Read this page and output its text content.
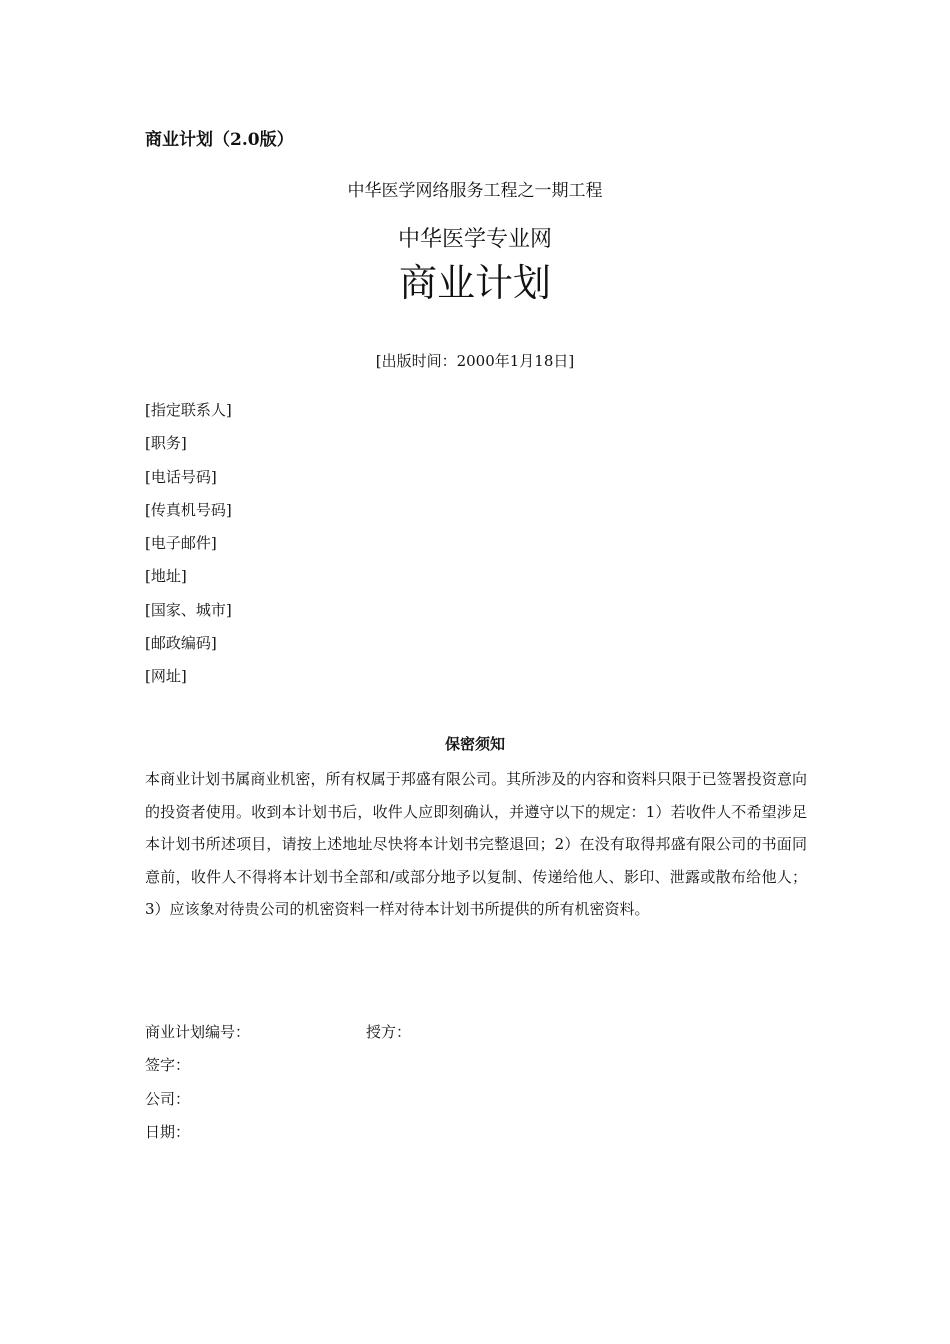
商业计划（2.0版）
中华医学网络服务工程之一期工程
中华医学专业网
商业计划
[出版时间：2000年1月18日]
[指定联系人]
[职务]
[电话号码]
[传真机号码]
[电子邮件]
[地址]
[国家、城市]
[邮政编码]
[网址]
保密须知

本商业计划书属商业机密，所有权属于邦盛有限公司。其所涉及的内容和资料只限于已签署投资意向的投资者使用。收到本计划书后，收件人应即刻确认，并遵守以下的规定：1）若收件人不希望涉足本计划书所述项目，请按上述地址尽快将本计划书完整退回；2）在没有取得邦盛有限公司的书面同意前，收件人不得将本计划书全部和/或部分地予以复制、传递给他人、影印、泄露或散布给他人；3）应该象对待贵公司的机密资料一样对待本计划书所提供的所有机密资料。

商业计划编号：	授方：
签字：
公司：
日期：
